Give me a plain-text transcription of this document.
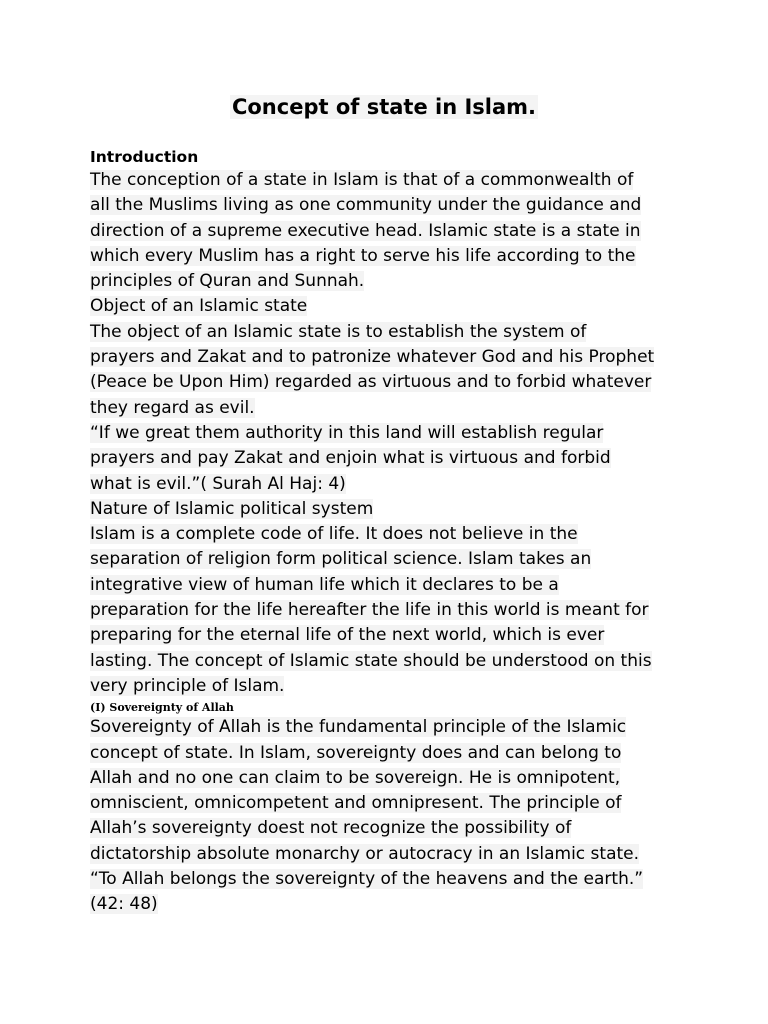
Concept of state in Islam.
Introduction
The conception of a state in Islam is that of a commonwealth of
all the Muslims living as one community under the guidance and
direction of a supreme executive head. Islamic state is a state in
which every Muslim has a right to serve his life according to the
principles of Quran and Sunnah.
Object of an Islamic state
The object of an Islamic state is to establish the system of
prayers and Zakat and to patronize whatever God and his Prophet
(Peace be Upon Him) regarded as virtuous and to forbid whatever
they regard as evil.
“If we great them authority in this land will establish regular
prayers and pay Zakat and enjoin what is virtuous and forbid
what is evil.”( Surah Al Haj: 4)
Nature of Islamic political system
Islam is a complete code of life. It does not believe in the
separation of religion form political science. Islam takes an
integrative view of human life which it declares to be a
preparation for the life hereafter the life in this world is meant for
preparing for the eternal life of the next world, which is ever
lasting. The concept of Islamic state should be understood on this
very principle of Islam.
(I) Sovereignty of Allah
Sovereignty of Allah is the fundamental principle of the Islamic
concept of state. In Islam, sovereignty does and can belong to
Allah and no one can claim to be sovereign. He is omnipotent,
omniscient, omnicompetent and omnipresent. The principle of
Allah’s sovereignty doest not recognize the possibility of
dictatorship absolute monarchy or autocracy in an Islamic state.
“To Allah belongs the sovereignty of the heavens and the earth.”
(42: 48)
